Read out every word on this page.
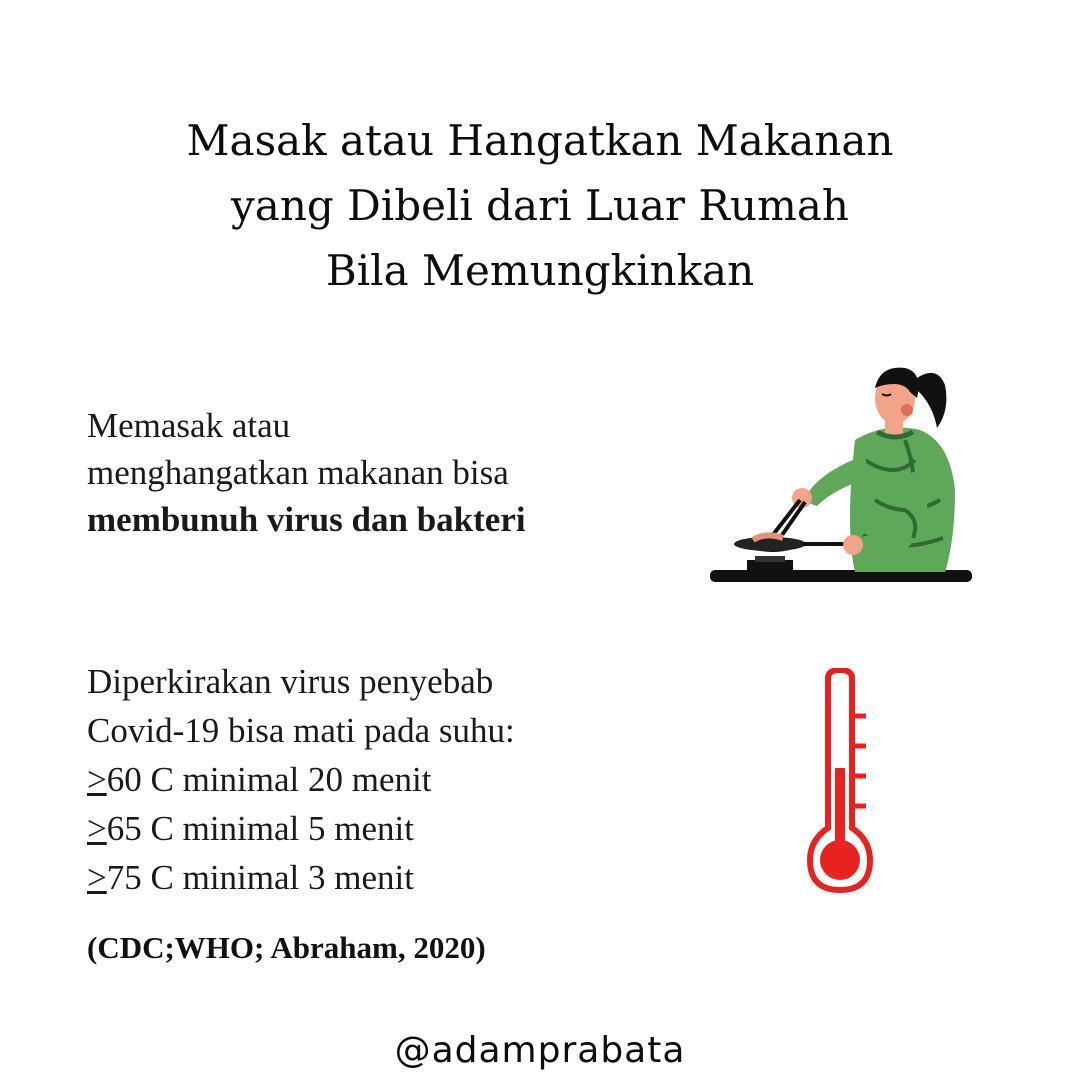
Masak atau Hangatkan Makanan
yang Dibeli dari Luar Rumah
Bila Memungkinkan
Memasak atau
menghangatkan makanan bisa
membunuh virus dan bakteri
Diperkirakan virus penyebab
Covid-19 bisa mati pada suhu:
≥60 C minimal 20 menit
≥65 C minimal 5 menit
≥75 C minimal 3 menit
(CDC;WHO; Abraham, 2020)
@adamprabata
